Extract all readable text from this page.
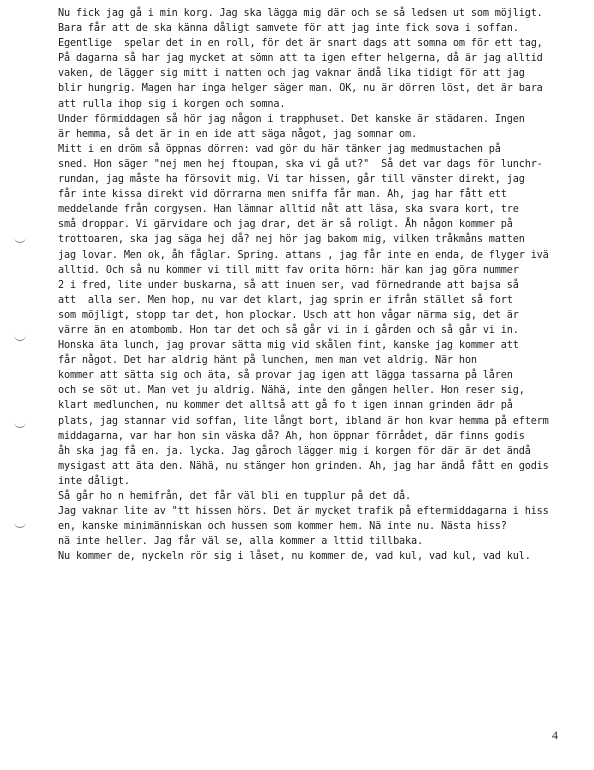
Nu fick jag gå i min korg. Jag ska lägga mig där och se så ledsen ut som möjligt.
Bara får att de ska känna dåligt samvete för att jag inte fick sova i soffan.
Egentlige  spelar det in en roll, för det är snart dags att somna om för ett tag,
På dagarna så har jag mycket at sömn att ta igen efter helgerna, då är jag alltid
vaken, de lägger sig mitt i natten och jag vaknar ändå lika tidigt för att jag
blir hungrig. Magen har inga helger säger man. OK, nu är dörren löst, det är bara
att rulla ihop sig i korgen och somna.
Under förmiddagen så hör jag någon i trapphuset. Det kanske är städaren. Ingen
är hemma, så det är in en ide att säga något, jag somnar om.
Mitt i en dröm så öppnas dörren: vad gör du här tänker jag medmustachen på
sned. Hon säger "nej men hej ftoupan, ska vi gå ut?"  Så det var dags för lunchr-
rundan, jag måste ha försovit mig. Vi tar hissen, går till vänster direkt, jag
får inte kissa direkt vid dörrarna men sniffa får man. Ah, jag har fått ett
meddelande från corgysen. Han lämnar alltid nåt att läsa, ska svara kort, tre
små droppar. Vi gärvidare och jag drar, det är så roligt. Åh någon kommer på
trottoaren, ska jag säga hej då? nej hör jag bakom mig, vilken tråkmåns matten
jag lovar. Men ok, åh fåglar. Spring. attans , jag får inte en enda, de flyger ivä
alltid. Och så nu kommer vi till mitt fav orita hörn: här kan jag göra nummer
2 i fred, lite under buskarna, så att inuen ser, vad förnedrande att bajsa så
att  alla ser. Men hop, nu var det klart, jag sprin er ifrån stället så fort
som möjligt, stopp tar det, hon plockar. Usch att hon vågar närma sig, det är
värre än en atombomb. Hon tar det och så går vi in i gården och så går vi in.
Honska äta lunch, jag provar sätta mig vid skålen fint, kanske jag kommer att
får något. Det har aldrig hänt på lunchen, men man vet aldrig. När hon
kommer att sätta sig och äta, så provar jag igen att lägga tassarna på låren
och se söt ut. Man vet ju aldrig. Nähä, inte den gången heller. Hon reser sig,
klart medlunchen, nu kommer det alltså att gå fo t igen innan grinden ädr på
plats, jag stannar vid soffan, lite långt bort, ibland är hon kvar hemma på efterm
middagarna, var har hon sin väska då? Ah, hon öppnar förrådet, där finns godis
åh ska jag få en. ja. lycka. Jag gåroch lägger mig i korgen för där är det ändå
mysigast att äta den. Nähä, nu stänger hon grinden. Ah, jag har ändå fått en godis
inte dåligt.
Så går ho n hemifrån, det får väl bli en tupplur på det då.
Jag vaknar lite av "tt hissen hörs. Det är mycket trafik på eftermiddagarna i hiss
en, kanske minimänniskan och hussen som kommer hem. Nä inte nu. Nästa hiss?
nä inte heller. Jag får väl se, alla kommer a lttid tillbaka.
Nu kommer de, nyckeln rör sig i låset, nu kommer de, vad kul, vad kul, vad kul.
4
